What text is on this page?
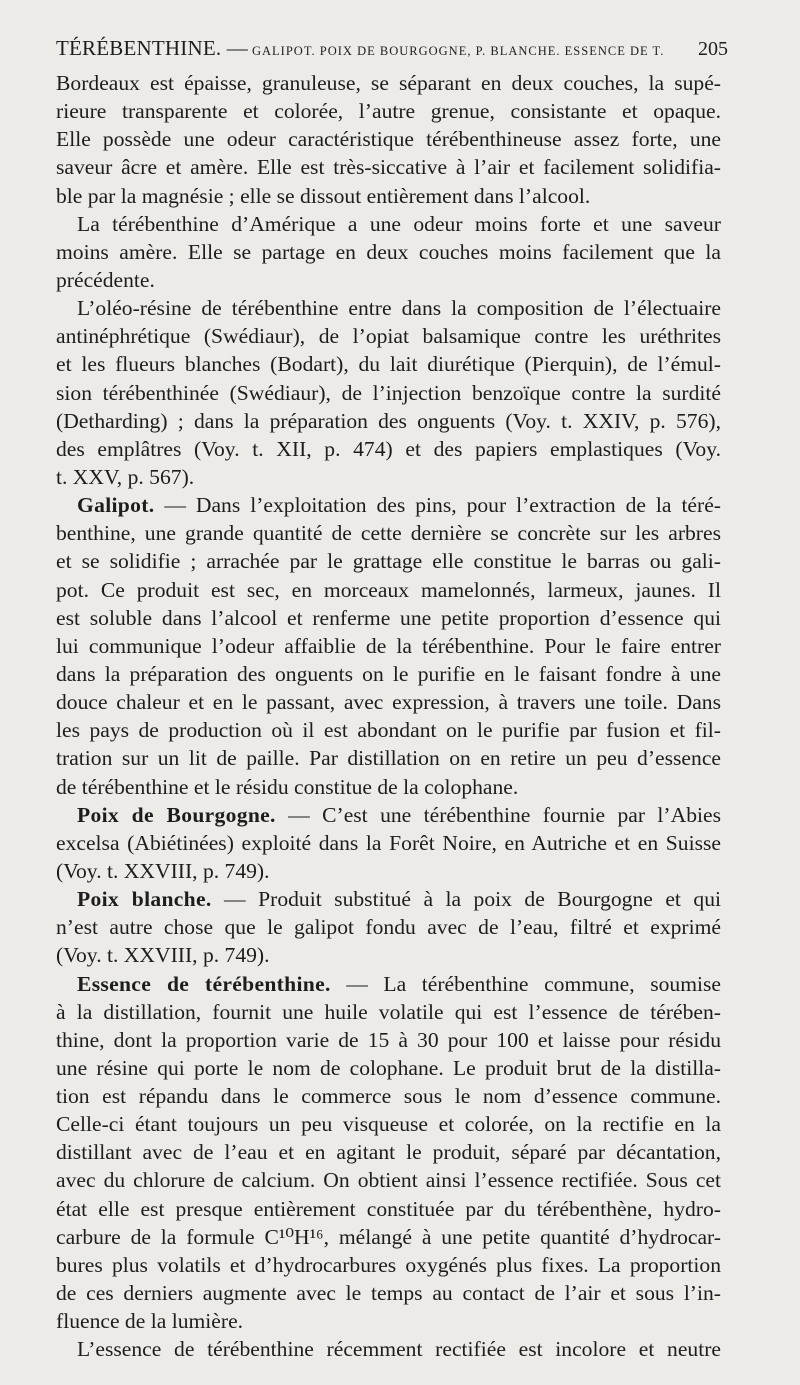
TÉRÉBENTHINE. — GALIPOT. POIX DE BOURGOGNE, P. BLANCHE. ESSENCE DE T. 205
Bordeaux est épaisse, granuleuse, se séparant en deux couches, la supé-
rieure transparente et colorée, l’autre grenue, consistante et opaque.
Elle possède une odeur caractéristique térébenthineuse assez forte, une
saveur âcre et amère. Elle est très-siccative à l’air et facilement solidifia-
ble par la magnésie ; elle se dissout entièrement dans l’alcool.
La térébenthine d’Amérique a une odeur moins forte et une saveur
moins amère. Elle se partage en deux couches moins facilement que la
précédente.
L’oléo-résine de térébenthine entre dans la composition de l’électuaire
antinéphrétique (Swédiaur), de l’opiat balsamique contre les uréthrites
et les flueurs blanches (Bodart), du lait diurétique (Pierquin), de l’émul-
sion térébenthinée (Swédiaur), de l’injection benzoïque contre la surdité
(Detharding) ; dans la préparation des onguents (Voy. t. XXIV, p. 576),
des emplâtres (Voy. t. XII, p. 474) et des papiers emplastiques (Voy.
t. XXV, p. 567).
Galipot. — Dans l’exploitation des pins, pour l’extraction de la téré-
benthine, une grande quantité de cette dernière se concrète sur les arbres
et se solidifie ; arrachée par le grattage elle constitue le barras ou gali-
pot. Ce produit est sec, en morceaux mamelonnés, larmeux, jaunes. Il
est soluble dans l’alcool et renferme une petite proportion d’essence qui
lui communique l’odeur affaiblie de la térébenthine. Pour le faire entrer
dans la préparation des onguents on le purifie en le faisant fondre à une
douce chaleur et en le passant, avec expression, à travers une toile. Dans
les pays de production où il est abondant on le purifie par fusion et fil-
tration sur un lit de paille. Par distillation on en retire un peu d’essence
de térébenthine et le résidu constitue de la colophane.
Poix de Bourgogne. — C’est une térébenthine fournie par l’Abies
excelsa (Abiétinées) exploité dans la Forêt Noire, en Autriche et en Suisse
(Voy. t. XXVIII, p. 749).
Poix blanche. — Produit substitué à la poix de Bourgogne et qui
n’est autre chose que le galipot fondu avec de l’eau, filtré et exprimé
(Voy. t. XXVIII, p. 749).
Essence de térébenthine. — La térébenthine commune, soumise
à la distillation, fournit une huile volatile qui est l’essence de térében-
thine, dont la proportion varie de 15 à 30 pour 100 et laisse pour résidu
une résine qui porte le nom de colophane. Le produit brut de la distilla-
tion est répandu dans le commerce sous le nom d’essence commune.
Celle-ci étant toujours un peu visqueuse et colorée, on la rectifie en la
distillant avec de l’eau et en agitant le produit, séparé par décantation,
avec du chlorure de calcium. On obtient ainsi l’essence rectifiée. Sous cet
état elle est presque entièrement constituée par du térébenthène, hydro-
carbure de la formule C¹⁰H¹⁶, mélangé à une petite quantité d’hydrocar-
bures plus volatils et d’hydrocarbures oxygénés plus fixes. La proportion
de ces derniers augmente avec le temps au contact de l’air et sous l’in-
fluence de la lumière.
L’essence de térébenthine récemment rectifiée est incolore et neutre
